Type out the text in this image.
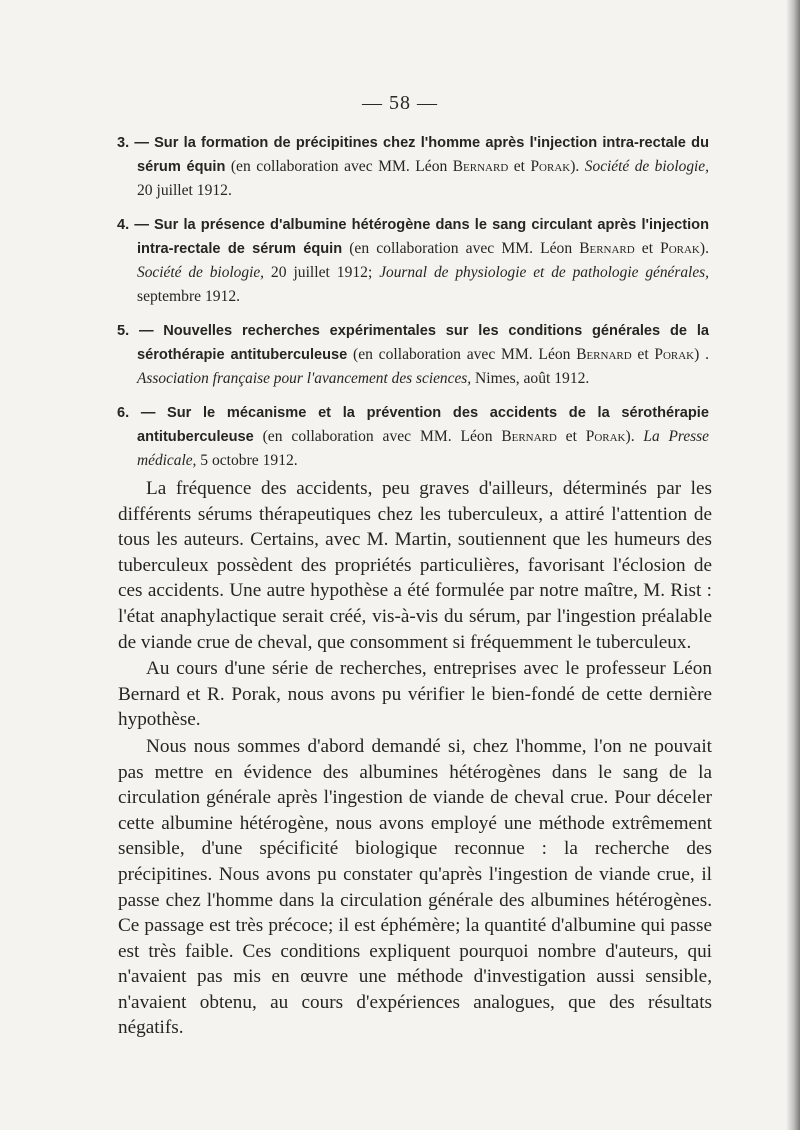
— 58 —

3. — Sur la formation de précipitines chez l'homme après l'injection intra-rectale du sérum équin (en collaboration avec MM. Léon Bernard et Porak). Société de biologie, 20 juillet 1912.

4. — Sur la présence d'albumine hétérogène dans le sang circulant après l'injection intra-rectale de sérum équin (en collaboration avec MM. Léon Bernard et Porak). Société de biologie, 20 juillet 1912; Journal de physiologie et de pathologie générales, septembre 1912.

5. — Nouvelles recherches expérimentales sur les conditions générales de la sérothérapie antituberculeuse (en collaboration avec MM. Léon Bernard et Porak) . Association française pour l'avancement des sciences, Nimes, août 1912.

6. — Sur le mécanisme et la prévention des accidents de la sérothérapie antituberculeuse (en collaboration avec MM. Léon Bernard et Porak). La Presse médicale, 5 octobre 1912.

La fréquence des accidents, peu graves d'ailleurs, déterminés par les différents sérums thérapeutiques chez les tuberculeux, a attiré l'attention de tous les auteurs. Certains, avec M. Martin, soutiennent que les humeurs des tuberculeux possèdent des propriétés particulières, favorisant l'éclosion de ces accidents. Une autre hypothèse a été formulée par notre maître, M. Rist : l'état anaphylactique serait créé, vis-à-vis du sérum, par l'ingestion préalable de viande crue de cheval, que consomment si fréquemment le tuberculeux.

Au cours d'une série de recherches, entreprises avec le professeur Léon Bernard et R. Porak, nous avons pu vérifier le bien-fondé de cette dernière hypothèse.

Nous nous sommes d'abord demandé si, chez l'homme, l'on ne pouvait pas mettre en évidence des albumines hétérogènes dans le sang de la circulation générale après l'ingestion de viande de cheval crue. Pour déceler cette albumine hétérogène, nous avons employé une méthode extrêmement sensible, d'une spécificité biologique reconnue : la recherche des précipitines. Nous avons pu constater qu'après l'ingestion de viande crue, il passe chez l'homme dans la circulation générale des albumines hétérogènes. Ce passage est très précoce; il est éphémère; la quantité d'albumine qui passe est très faible. Ces conditions expliquent pourquoi nombre d'auteurs, qui n'avaient pas mis en œuvre une méthode d'investigation aussi sensible, n'avaient obtenu, au cours d'expériences analogues, que des résultats négatifs.
